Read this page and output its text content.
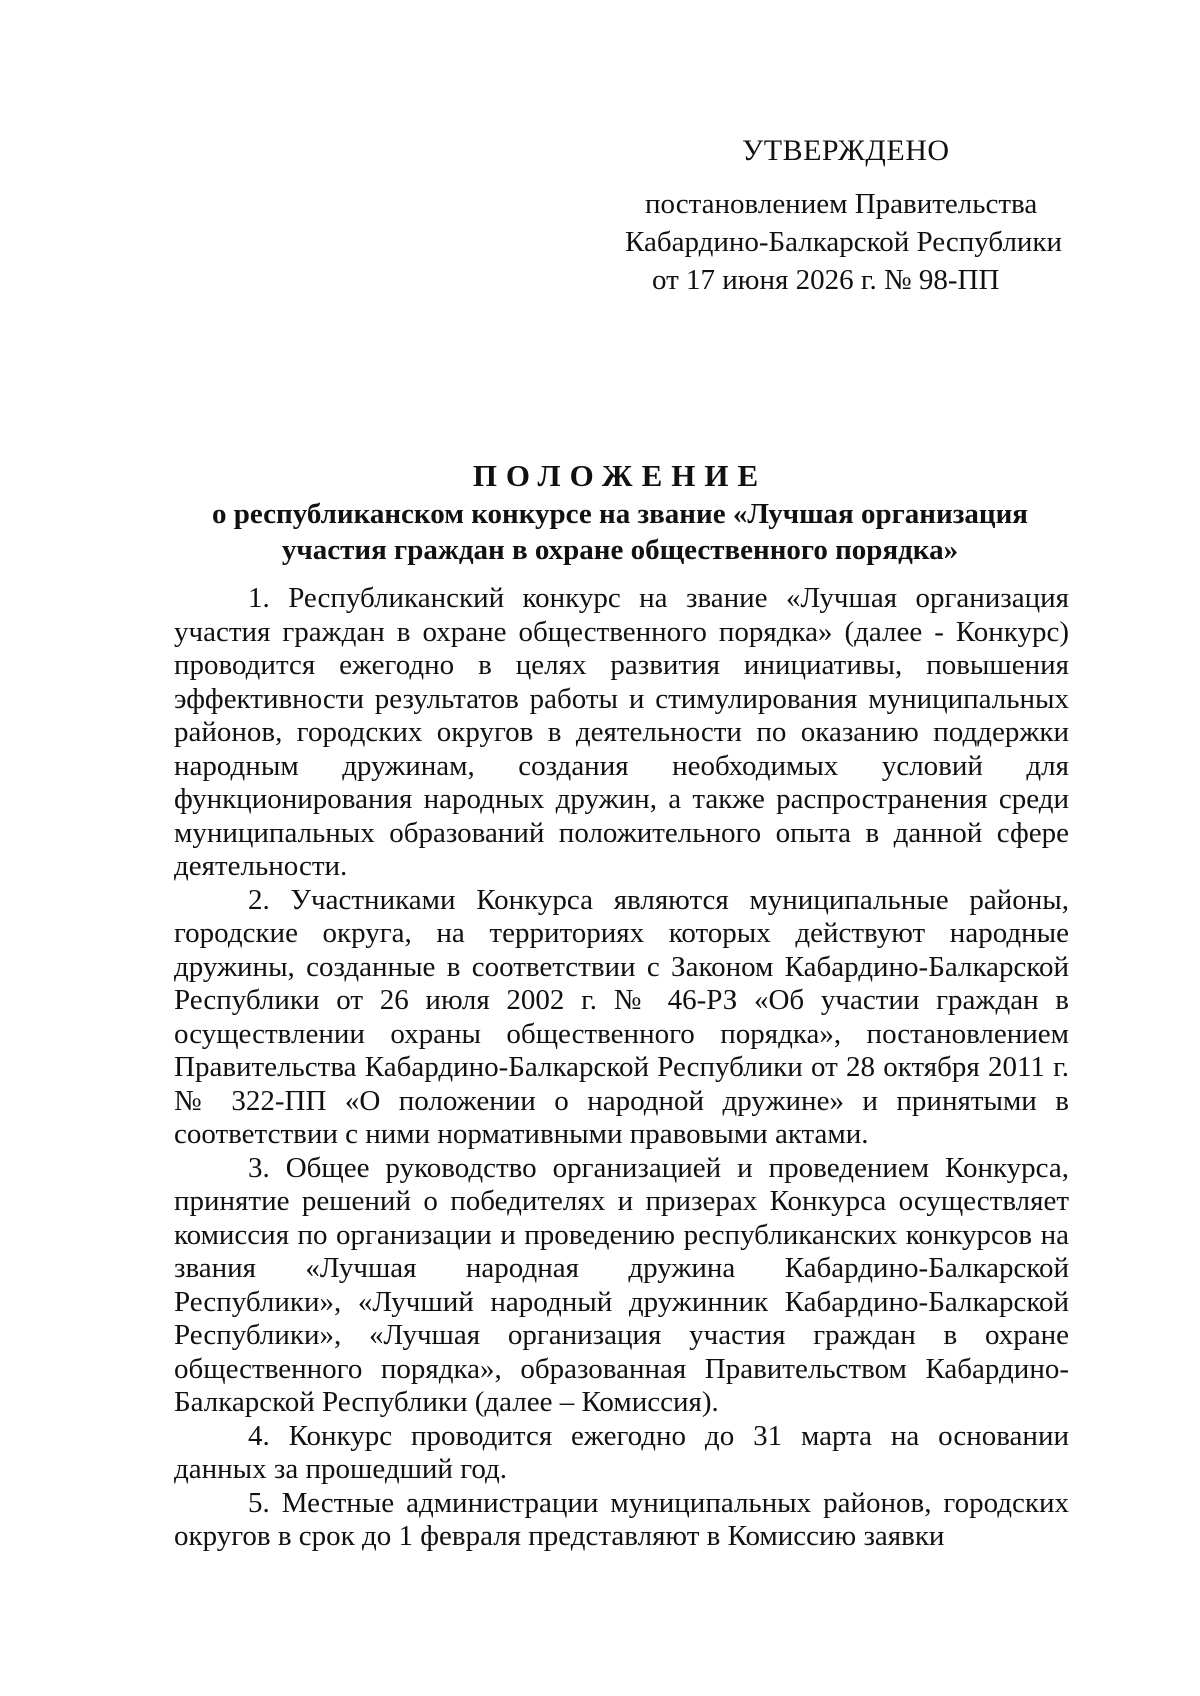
УТВЕРЖДЕНО
постановлением Правительства
Кабардино-Балкарской Республики
от 17 июня 2026 г. № 98-ПП
ПОЛОЖЕНИЕ
о республиканском конкурсе на звание «Лучшая организация
участия граждан в охране общественного порядка»

1. Республиканский конкурс на звание «Лучшая организация участия граждан в охране общественного порядка» (далее - Конкурс) проводится ежегодно в целях развития инициативы, повышения эффективности результатов работы и стимулирования муниципальных районов, городских округов в деятельности по оказанию поддержки народным дружинам, создания необходимых условий для функционирования народных дружин, а также распространения среди муниципальных образований положительного опыта в данной сфере деятельности.

2. Участниками Конкурса являются муниципальные районы, городские округа, на территориях которых действуют народные дружины, созданные в соответствии с Законом Кабардино-Балкарской Республики от 26 июля 2002 г. № 46-РЗ «Об участии граждан в осуществлении охраны общественного порядка», постановлением Правительства Кабардино-Балкарской Республики от 28 октября 2011 г. № 322-ПП «О положении о народной дружине» и принятыми в соответствии с ними нормативными правовыми актами.

3. Общее руководство организацией и проведением Конкурса, принятие решений о победителях и призерах Конкурса осуществляет комиссия по организации и проведению республиканских конкурсов на звания «Лучшая народная дружина Кабардино-Балкарской Республики», «Лучший народный дружинник Кабардино-Балкарской Республики», «Лучшая организация участия граждан в охране общественного порядка», образованная Правительством Кабардино-Балкарской Республики (далее – Комиссия).

4. Конкурс проводится ежегодно до 31 марта на основании данных за прошедший год.

5. Местные администрации муниципальных районов, городских округов в срок до 1 февраля представляют в Комиссию заявки
